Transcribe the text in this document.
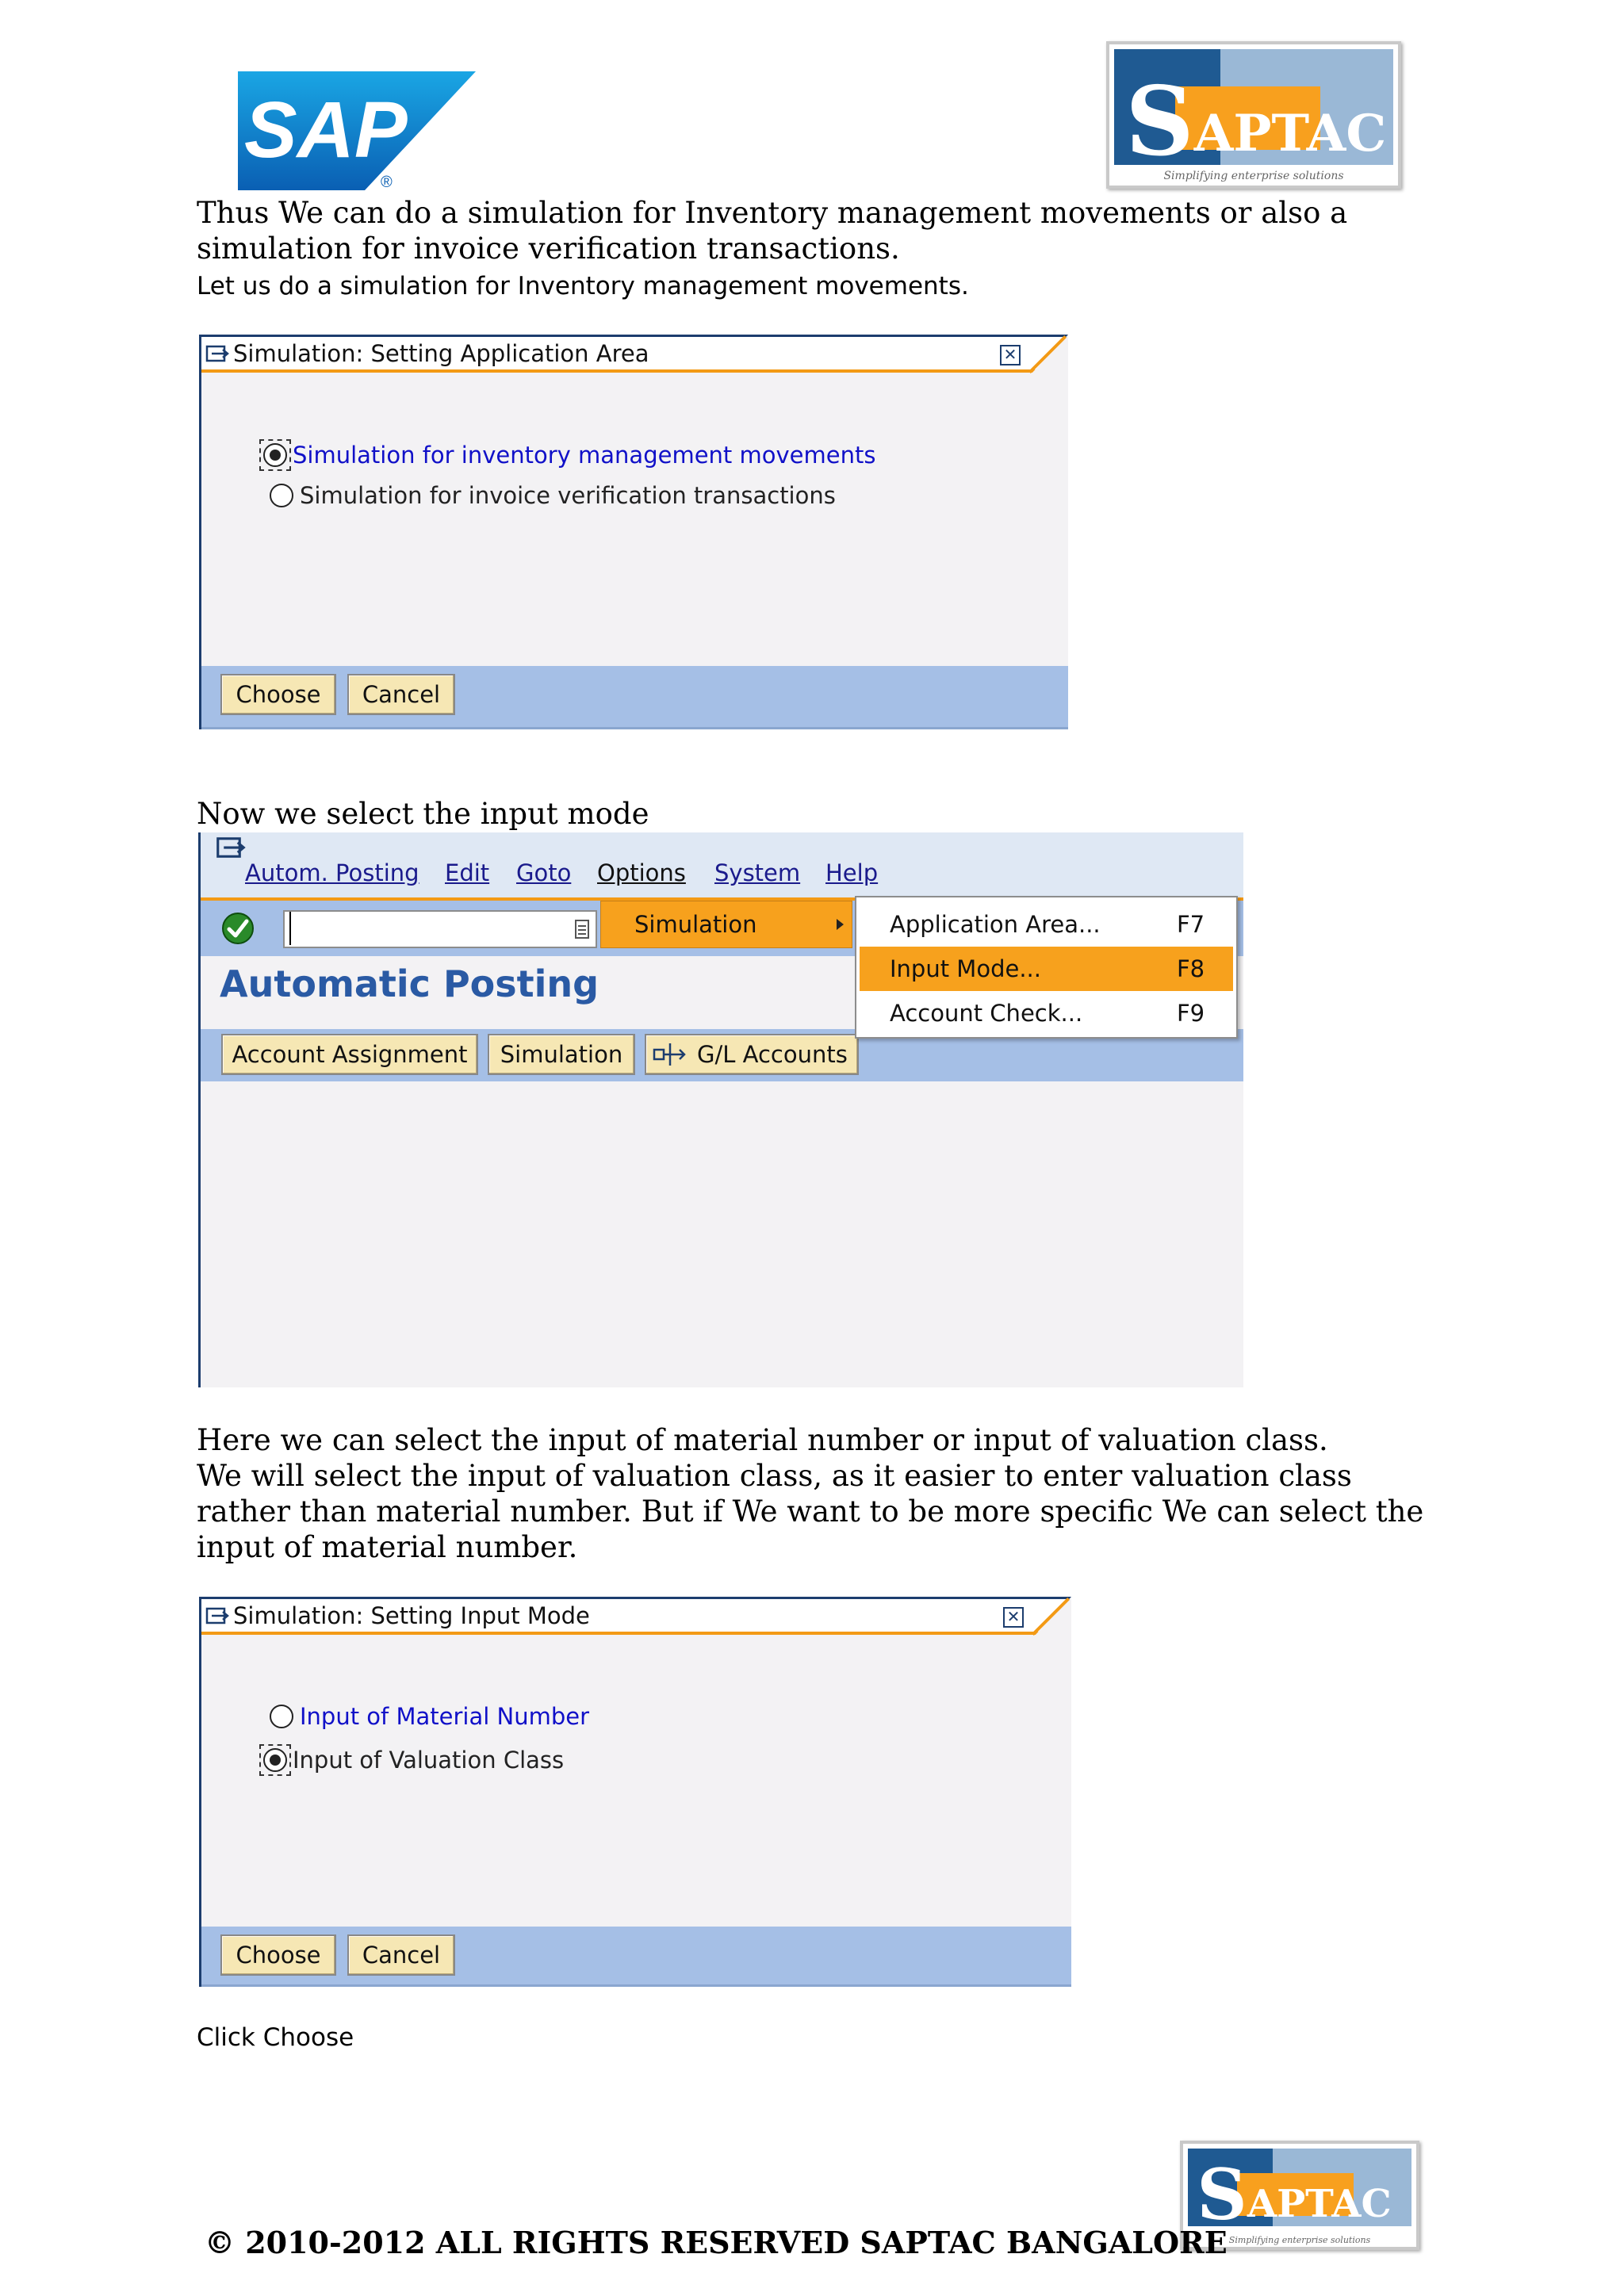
SAP
®
S APTAC
Simplifying enterprise solutions
Thus We can do a simulation for Inventory management movements or also a
simulation for invoice verification transactions.
Let us do a simulation for Inventory management movements.
Simulation: Setting Application Area	✕
Simulation for inventory management movements
Simulation for invoice verification transactions
Choose	Cancel
Now we select the input mode
Autom. Posting Edit Goto Options System Help
Automatic Posting
Account Assignment	Simulation	G/L Accounts
Simulation	Application Area...	F7
Input Mode...	F8
Account Check...	F9
Here we can select the input of material number or input of valuation class.
We will select the input of valuation class, as it easier to enter valuation class
rather than material number. But if We want to be more specific We can select the
input of material number.
Simulation: Setting Input Mode	✕
Input of Material Number
Input of Valuation Class
Choose	Cancel
Click Choose
S APTAC
Simplifying enterprise solutions
© 2010-2012 ALL RIGHTS RESERVED SAPTAC BANGALORE
